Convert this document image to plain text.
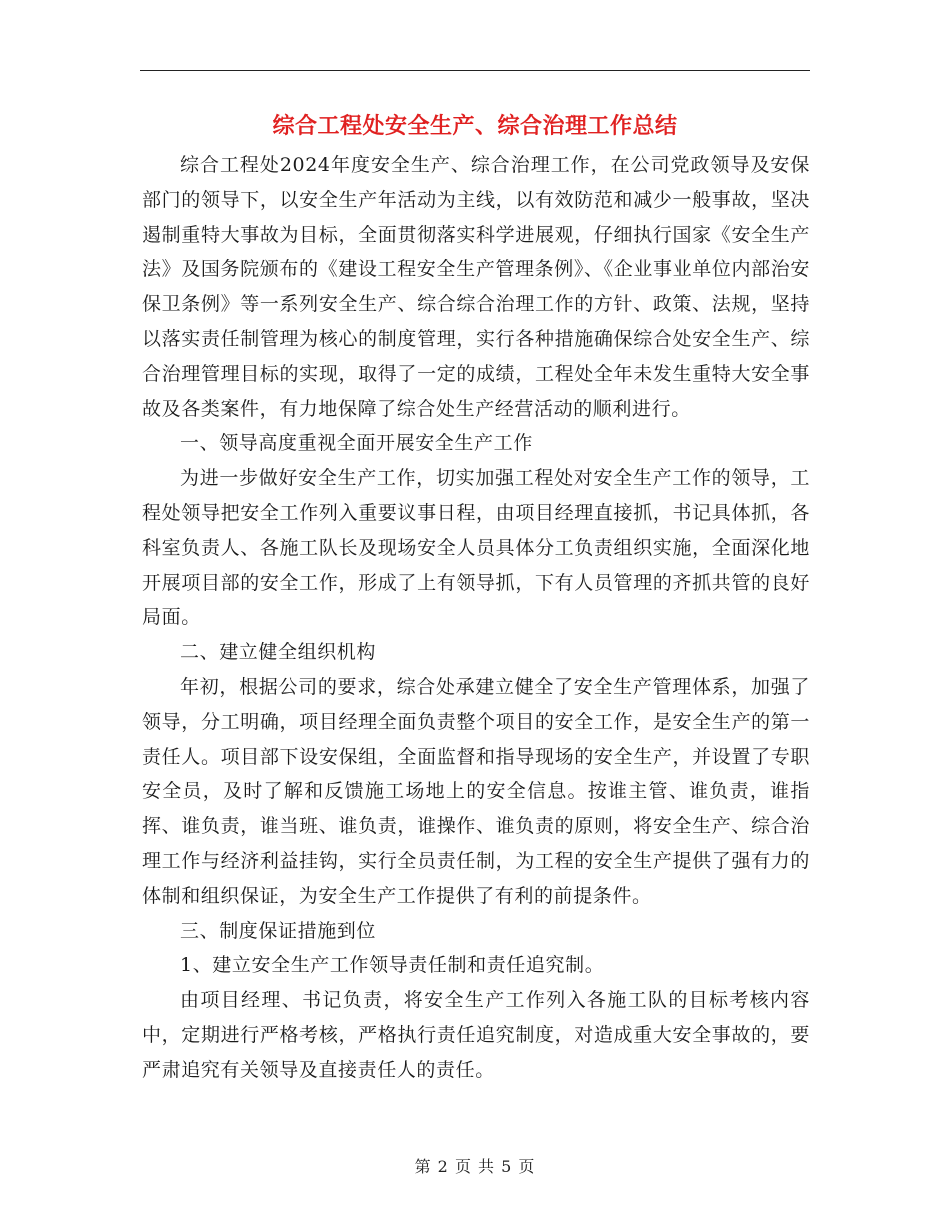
综合工程处安全生产、综合治理工作总结

综合工程处2024年度安全生产、综合治理工作，在公司党政领导及安保部门的领导下，以安全生产年活动为主线，以有效防范和减少一般事故，坚决遏制重特大事故为目标，全面贯彻落实科学进展观，仔细执行国家《安全生产法》及国务院颁布的《建设工程安全生产管理条例》、《企业事业单位内部治安保卫条例》等一系列安全生产、综合综合治理工作的方针、政策、法规，坚持以落实责任制管理为核心的制度管理，实行各种措施确保综合处安全生产、综合治理管理目标的实现，取得了一定的成绩，工程处全年未发生重特大安全事故及各类案件，有力地保障了综合处生产经营活动的顺利进行。

一、领导高度重视全面开展安全生产工作

为进一步做好安全生产工作，切实加强工程处对安全生产工作的领导，工程处领导把安全工作列入重要议事日程，由项目经理直接抓，书记具体抓，各科室负责人、各施工队长及现场安全人员具体分工负责组织实施，全面深化地开展项目部的安全工作，形成了上有领导抓，下有人员管理的齐抓共管的良好局面。

二、建立健全组织机构

年初，根据公司的要求，综合处承建立健全了安全生产管理体系，加强了领导，分工明确，项目经理全面负责整个项目的安全工作，是安全生产的第一责任人。项目部下设安保组，全面监督和指导现场的安全生产，并设置了专职安全员，及时了解和反馈施工场地上的安全信息。按谁主管、谁负责，谁指挥、谁负责，谁当班、谁负责，谁操作、谁负责的原则，将安全生产、综合治理工作与经济利益挂钩，实行全员责任制，为工程的安全生产提供了强有力的体制和组织保证，为安全生产工作提供了有利的前提条件。

三、制度保证措施到位

1、建立安全生产工作领导责任制和责任追究制。

由项目经理、书记负责，将安全生产工作列入各施工队的目标考核内容中，定期进行严格考核，严格执行责任追究制度，对造成重大安全事故的，要严肃追究有关领导及直接责任人的责任。

第 2 页 共 5 页
